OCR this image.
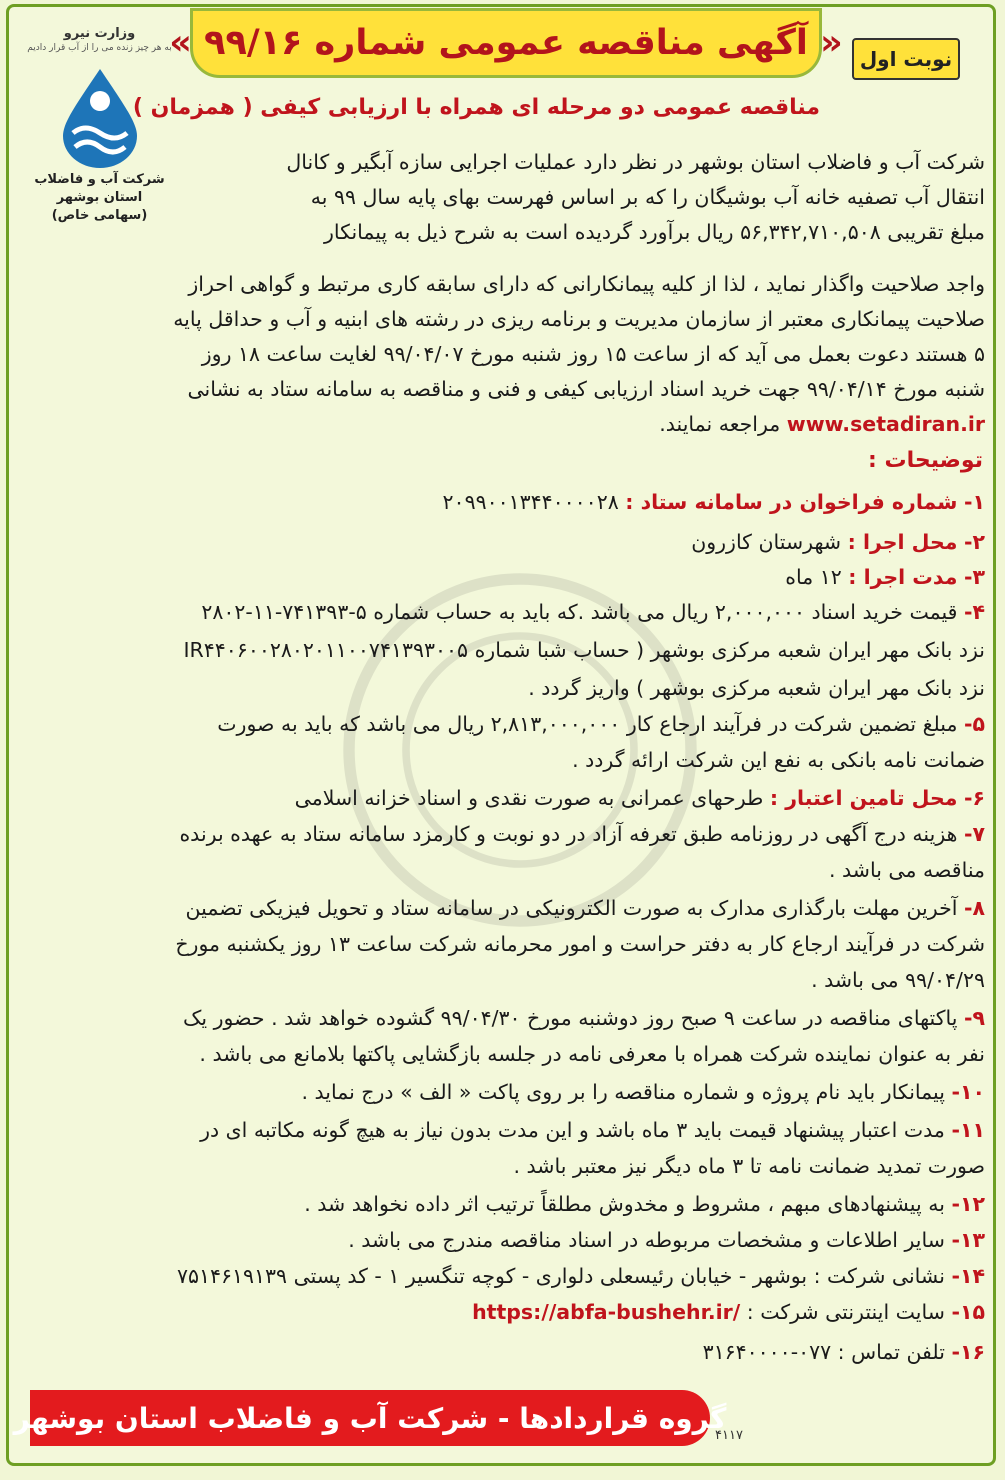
« آگهی مناقصه عمومی شماره ۹۹/۱۶ » نوبت اول
وزارت نیرو
به هر چیز زنده می را از آب قرار دادیم
شرکت آب و فاضلاب
استان بوشهر
(سهامی خاص)
مناقصه عمومی دو مرحله ای همراه با ارزیابی کیفی ( همزمان )
شرکت آب و فاضلاب استان بوشهر در نظر دارد عملیات اجرایی سازه آبگیر و کانال
انتقال آب تصفیه خانه آب بوشیگان را که بر اساس فهرست بهای پایه سال ۹۹ به
مبلغ تقریبی ۵۶,۳۴۲,۷۱۰,۵۰۸ ریال برآورد گردیده است به شرح ذیل به پیمانکار
واجد صلاحیت واگذار نماید ، لذا از کلیه پیمانکارانی که دارای سابقه کاری مرتبط و گواهی احراز
صلاحیت پیمانکاری معتبر از سازمان مدیریت و برنامه ریزی در رشته های ابنیه و آب و حداقل پایه
۵ هستند دعوت بعمل می آید که از ساعت ۱۵ روز شنبه مورخ ۹۹/۰۴/۰۷ لغایت ساعت ۱۸ روز
شنبه مورخ ۹۹/۰۴/۱۴ جهت خرید اسناد ارزیابی کیفی و فنی و مناقصه به سامانه ستاد به نشانی
www.setadiran.ir مراجعه نمایند.
توضیحات :
۱- شماره فراخوان در سامانه ستاد : ۲۰۹۹۰۰۱۳۴۴۰۰۰۰۲۸
۲- محل اجرا : شهرستان کازرون
۳- مدت اجرا : ۱۲ ماه
۴- قیمت خرید اسناد ۲,۰۰۰,۰۰۰ ریال می باشد .که باید به حساب شماره ۵-۷۴۱۳۹۳-۱۱-۲۸۰۲
نزد بانک مهر ایران شعبه مرکزی بوشهر ( حساب شبا شماره IR۴۴۰۶۰۰۲۸۰۲۰۱۱۰۰۷۴۱۳۹۳۰۰۵
نزد بانک مهر ایران شعبه مرکزی بوشهر ) واریز گردد .
۵- مبلغ تضمین شرکت در فرآیند ارجاع کار ۲,۸۱۳,۰۰۰,۰۰۰ ریال می باشد که باید به صورت
ضمانت نامه بانکی به نفع این شرکت ارائه گردد .
۶- محل تامین اعتبار : طرحهای عمرانی به صورت نقدی و اسناد خزانه اسلامی
۷- هزینه درج آگهی در روزنامه طبق تعرفه آزاد در دو نوبت و کارمزد سامانه ستاد به عهده برنده
مناقصه می باشد .
۸- آخرین مهلت بارگذاری مدارک به صورت الکترونیکی در سامانه ستاد و تحویل فیزیکی تضمین
شرکت در فرآیند ارجاع کار به دفتر حراست و امور محرمانه شرکت ساعت ۱۳ روز یکشنبه مورخ
۹۹/۰۴/۲۹ می باشد .
۹- پاکتهای مناقصه در ساعت ۹ صبح روز دوشنبه مورخ ۹۹/۰۴/۳۰ گشوده خواهد شد . حضور یک
نفر به عنوان نماینده شرکت همراه با معرفی نامه در جلسه بازگشایی پاکتها بلامانع می باشد .
۱۰- پیمانکار باید نام پروژه و شماره مناقصه را بر روی پاکت « الف » درج نماید .
۱۱- مدت اعتبار پیشنهاد قیمت باید ۳ ماه باشد و این مدت بدون نیاز به هیچ گونه مکاتبه ای در
صورت تمدید ضمانت نامه تا ۳ ماه دیگر نیز معتبر باشد .
۱۲- به پیشنهادهای مبهم ، مشروط و مخدوش مطلقاً ترتیب اثر داده نخواهد شد .
۱۳- سایر اطلاعات و مشخصات مربوطه در اسناد مناقصه مندرج می باشد .
۱۴- نشانی شرکت : بوشهر - خیابان رئیسعلی دلواری - کوچه تنگسیر ۱ - کد پستی ۷۵۱۴۶۱۹۱۳۹
۱۵- سایت اینترنتی شرکت : https://abfa-bushehr.ir/
۱۶- تلفن تماس : ۰۷۷-۳۱۶۴۰۰۰۰
گروه قراردادها - شرکت آب و فاضلاب استان بوشهر
۴۱۱۷
